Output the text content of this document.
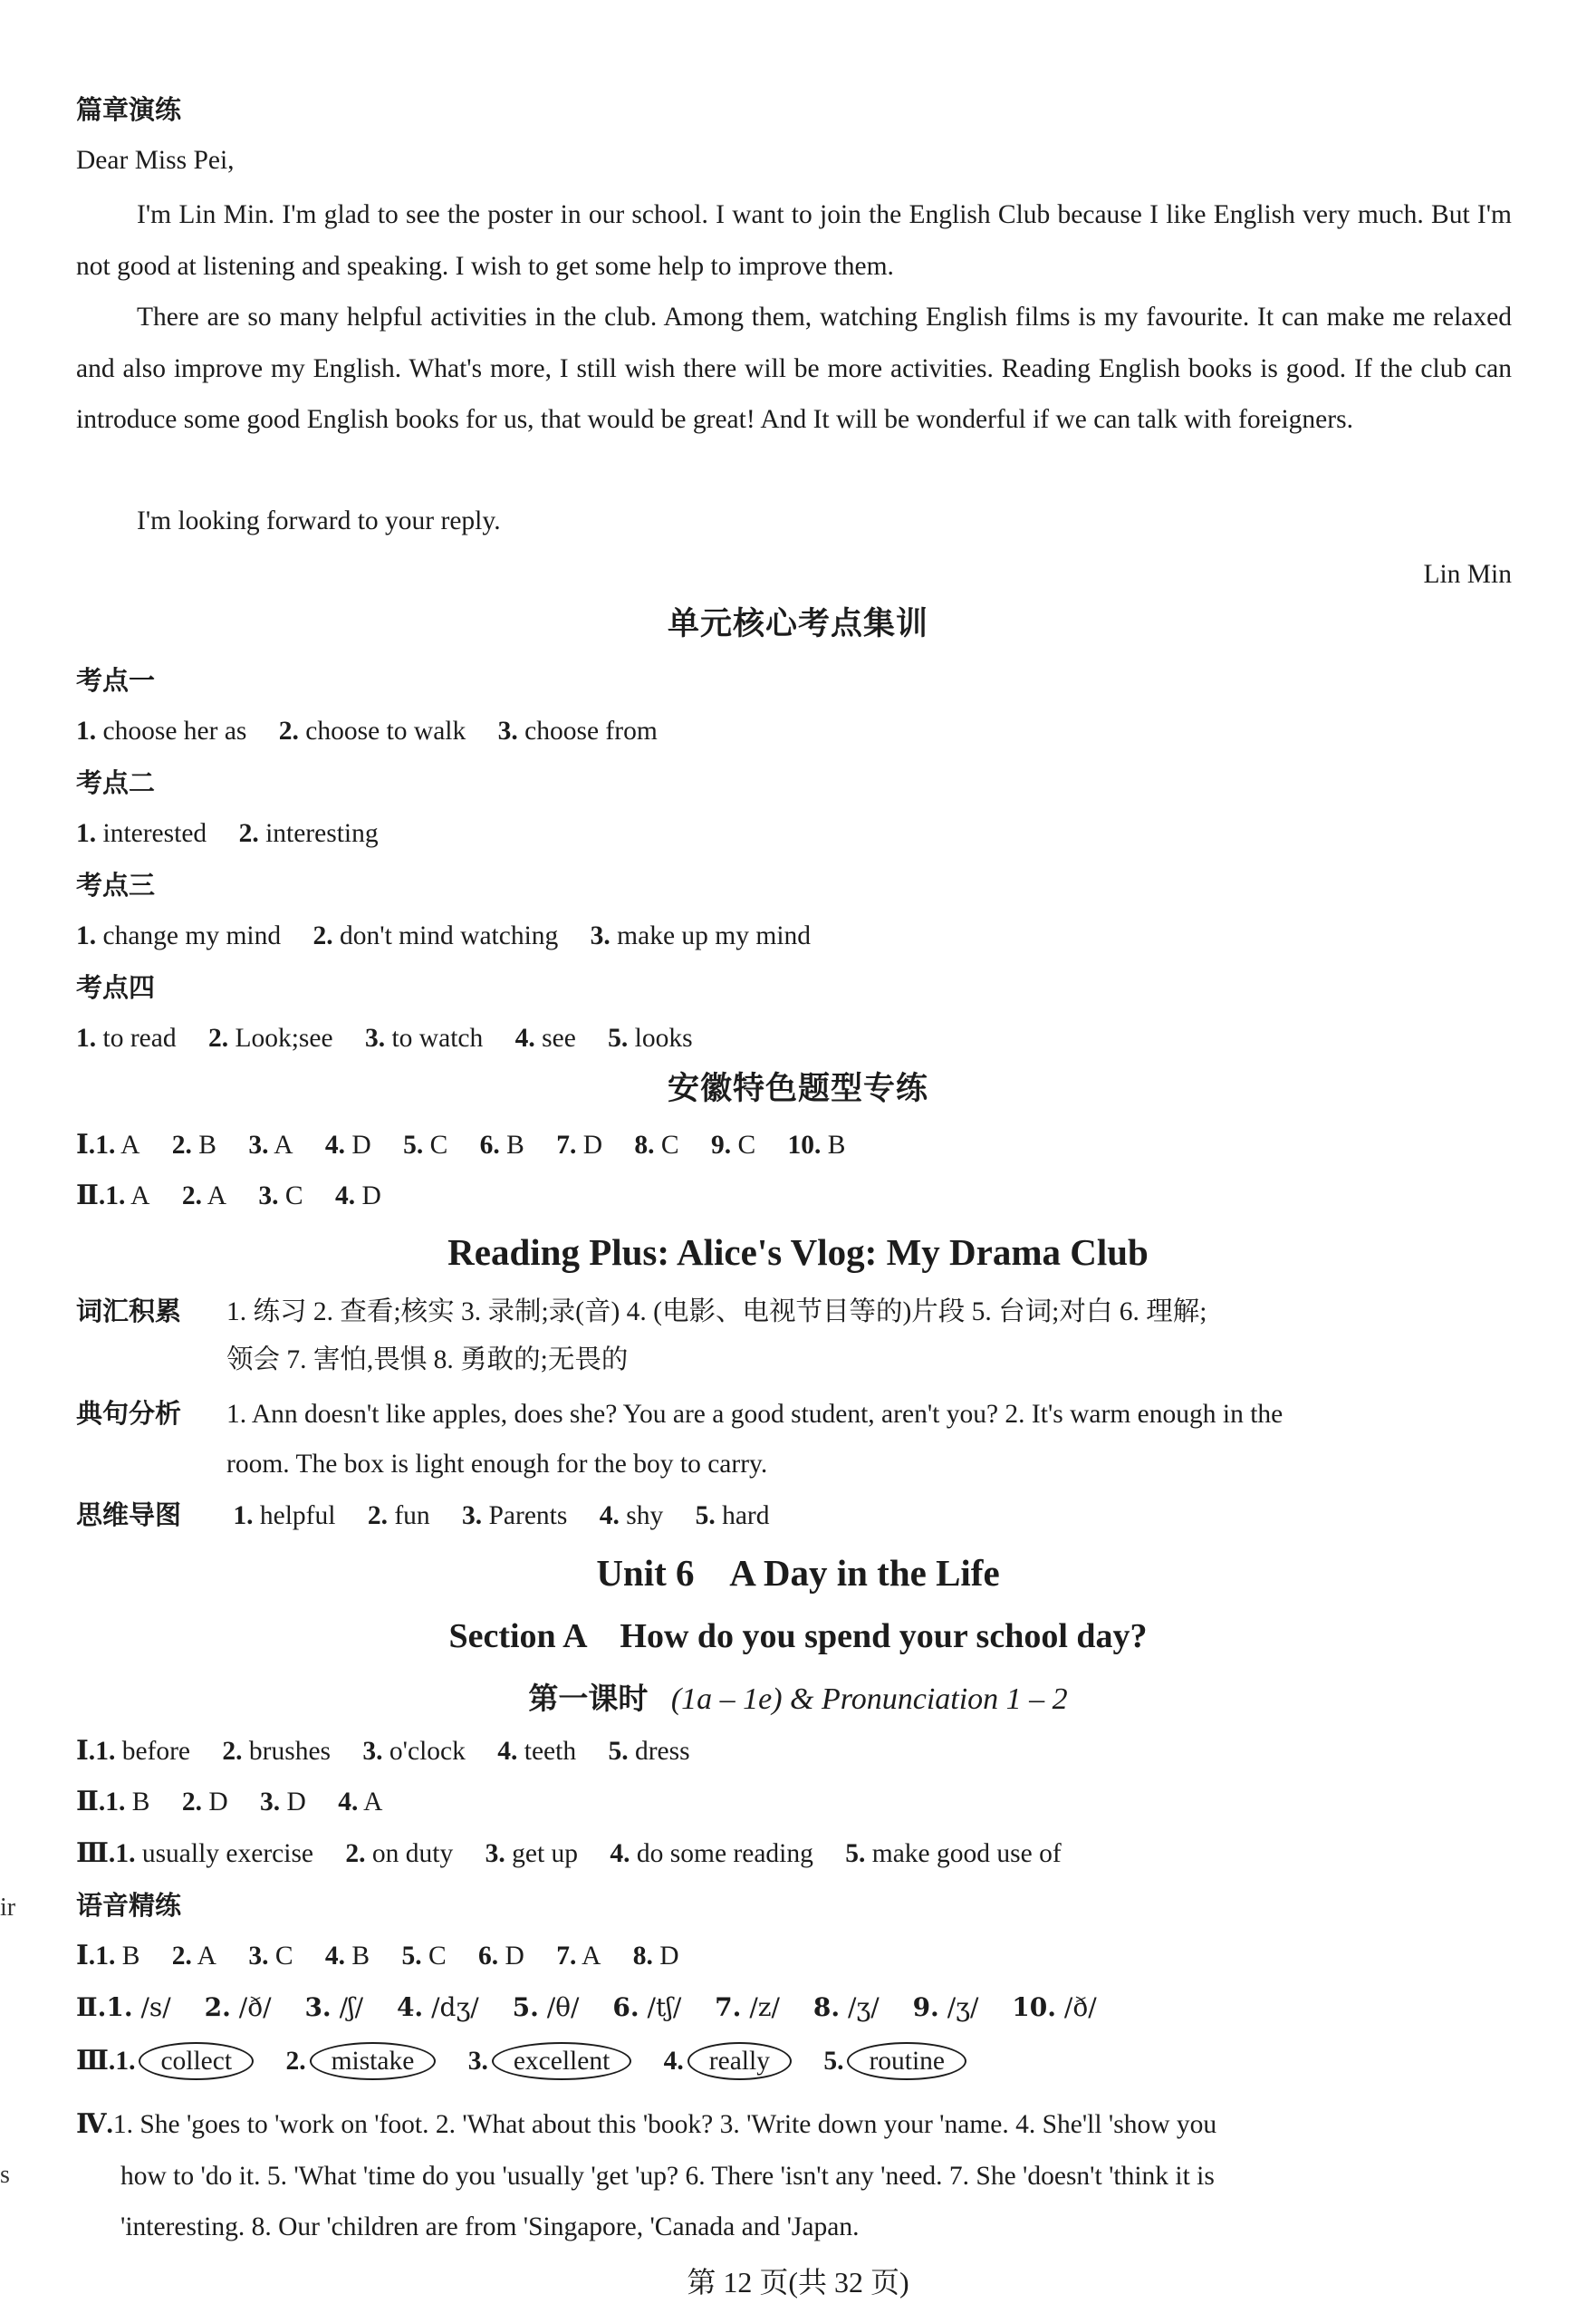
篇章演练
Dear Miss Pei,
I'm Lin Min. I'm glad to see the poster in our school. I want to join the English Club because I like English very much. But I'm not good at listening and speaking. I wish to get some help to improve them.
There are so many helpful activities in the club. Among them, watching English films is my favourite. It can make me relaxed and also improve my English. What's more, I still wish there will be more activities. Reading English books is good. If the club can introduce some good English books for us, that would be great! And It will be wonderful if we can talk with foreigners.
I'm looking forward to your reply.
Lin Min
单元核心考点集训
考点一
1. choose her as 2. choose to walk 3. choose from
考点二
1. interested 2. interesting
考点三
1. change my mind 2. don't mind watching 3. make up my mind
考点四
1. to read 2. Look;see 3. to watch 4. see 5. looks
安徽特色题型专练
Ⅰ.1. A 2. B 3. A 4. D 5. C 6. B 7. D 8. C 9. C 10. B
Ⅱ.1. A 2. A 3. C 4. D
Reading Plus: Alice's Vlog: My Drama Club
词汇积累 1. 练习 2. 查看;核实 3. 录制;录(音) 4. (电影、电视节目等的)片段 5. 台词;对白 6. 理解;
领会 7. 害怕,畏惧 8. 勇敢的;无畏的
典句分析 1. Ann doesn't like apples, does she? You are a good student, aren't you? 2. It's warm enough in the
room. The box is light enough for the boy to carry.
思维导图 1. helpful 2. fun 3. Parents 4. shy 5. hard
Unit 6    A Day in the Life
Section A    How do you spend your school day?
第一课时 (1a – 1e) & Pronunciation 1 – 2
Ⅰ.1. before 2. brushes 3. o'clock 4. teeth 5. dress
Ⅱ.1. B 2. D 3. D 4. A
Ⅲ.1. usually exercise 2. on duty 3. get up 4. do some reading 5. make good use of
语音精练
Ⅰ.1. B 2. A 3. C 4. B 5. C 6. D 7. A 8. D
Ⅱ.1. /s/ 2. /ð/ 3. /ʃ/ 4. /dʒ/ 5. /θ/ 6. /tʃ/ 7. /z/ 8. /ʒ/ 9. /ʒ/ 10. /ð/
Ⅲ.1. collect 2. mistake 3. excellent 4. really 5. routine
Ⅳ.1. She 'goes to 'work on 'foot. 2. 'What about this 'book? 3. 'Write down your 'name. 4. She'll 'show you
how to 'do it. 5. 'What 'time do you 'usually 'get 'up? 6. There 'isn't any 'need. 7. She 'doesn't 'think it is
'interesting. 8. Our 'children are from 'Singapore, 'Canada and 'Japan.
ir
s
第 12 页(共 32 页)
